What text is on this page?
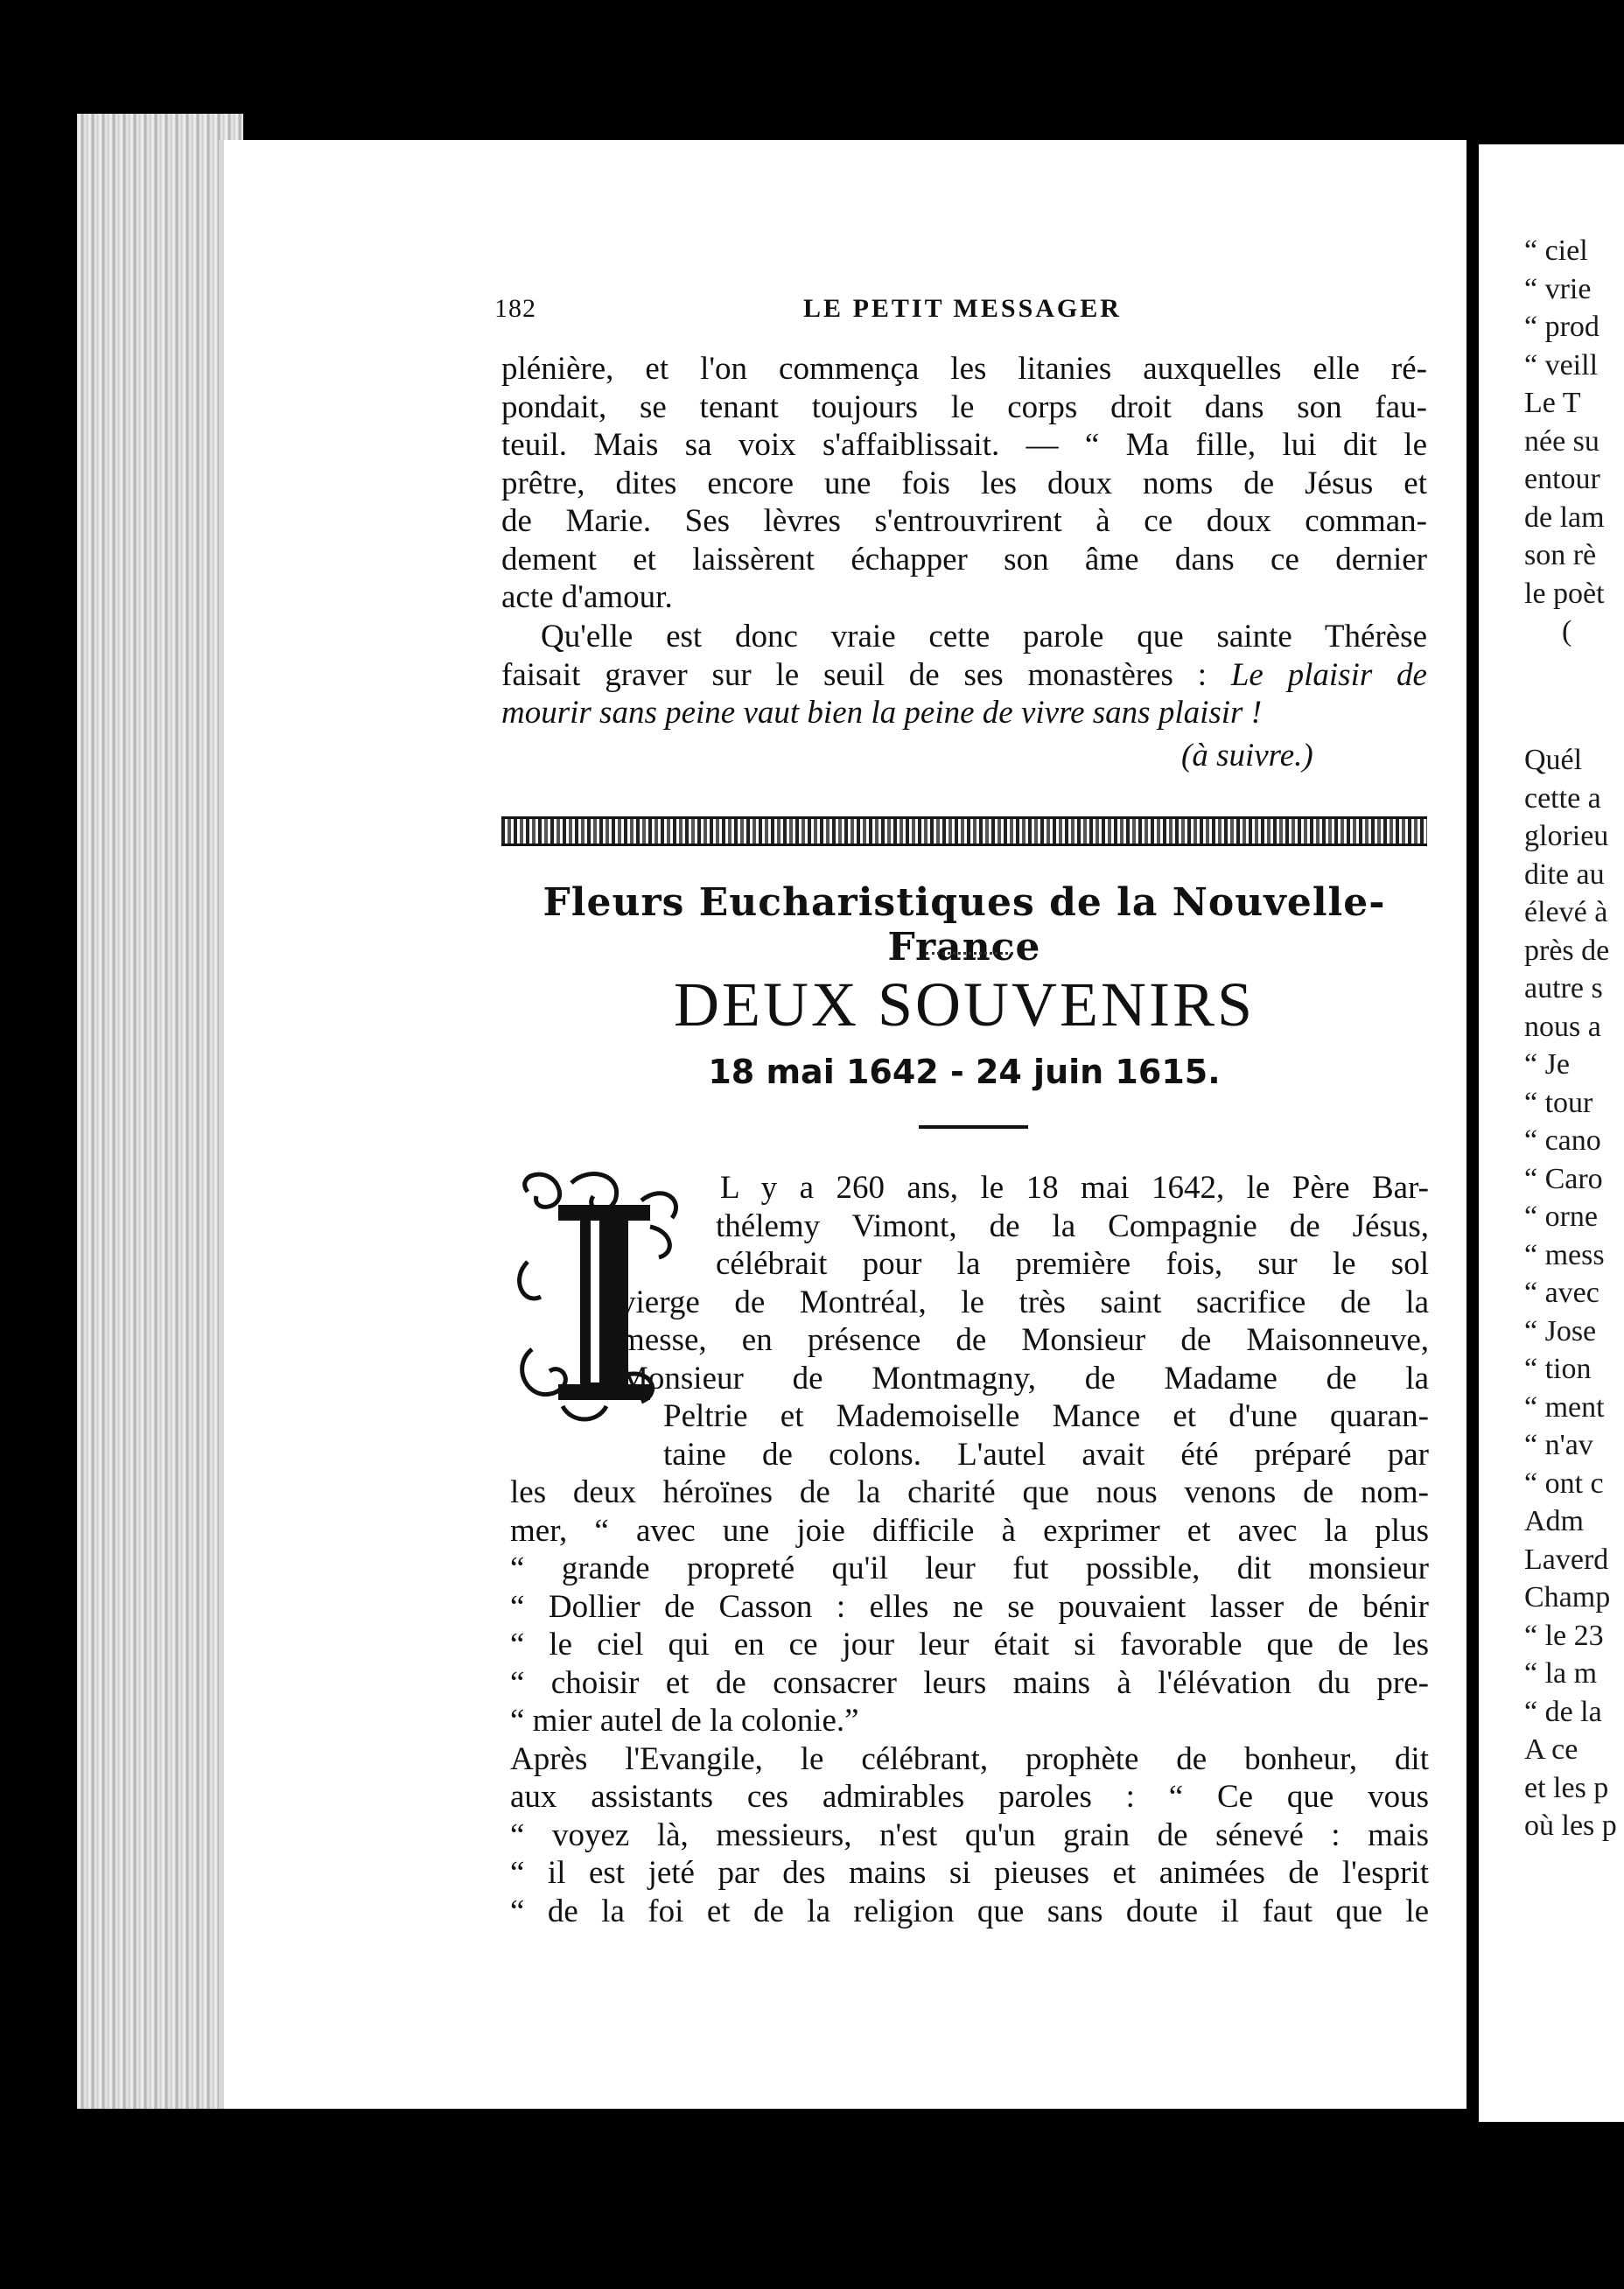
“ ciel
“ vrie
“ prod
“ veill
Le T
née su
entour
de lam
son rè
le poèt
(
Quél
cette a
glorieu
dite au
élevé à
près de
autre s
nous a
“ Je
“ tour
“ cano
“ Caro
“ orne
“ mess
“ avec
“ Jose
“ tion
“ ment
“ n'av
“ ont c
Adm
Laverd
Champ
“ le 23
“ la m
“ de la
A ce
et les p
où les p
182	LE PETIT MESSAGER
plénière, et l'on commença les litanies auxquelles elle ré-
pondait, se tenant toujours le corps droit dans son fau-
teuil. Mais sa voix s'affaiblissait. — “ Ma fille, lui dit le
prêtre, dites encore une fois les doux noms de Jésus et
de Marie. Ses lèvres s'entrouvrirent à ce doux comman-
dement et laissèrent échapper son âme dans ce dernier
acte d'amour.
Qu'elle est donc vraie cette parole que sainte Thérèse
faisait graver sur le seuil de ses monastères : Le plaisir de
mourir sans peine vaut bien la peine de vivre sans plaisir !
(à suivre.)
Fleurs Eucharistiques de la Nouvelle-France
DEUX SOUVENIRS
18 mai 1642 - 24 juin 1615.
L y a 260 ans, le 18 mai 1642, le Père Bar-
thélemy Vimont, de la Compagnie de Jésus,
célébrait pour la première fois, sur le sol
vierge de Montréal, le très saint sacrifice de la
messe, en présence de Monsieur de Maisonneuve,
Monsieur de Montmagny, de Madame de la
Peltrie et Mademoiselle Mance et d'une quaran-
taine de colons. L'autel avait été préparé par
les deux héroïnes de la charité que nous venons de nom-
mer, “ avec une joie difficile à exprimer et avec la plus
“ grande propreté qu'il leur fut possible, dit monsieur
“ Dollier de Casson : elles ne se pouvaient lasser de bénir
“ le ciel qui en ce jour leur était si favorable que de les
“ choisir et de consacrer leurs mains à l'élévation du pre-
“ mier autel de la colonie.”
Après l'Evangile, le célébrant, prophète de bonheur, dit
aux assistants ces admirables paroles : “ Ce que vous
“ voyez là, messieurs, n'est qu'un grain de sénevé : mais
“ il est jeté par des mains si pieuses et animées de l'esprit
“ de la foi et de la religion que sans doute il faut que le
